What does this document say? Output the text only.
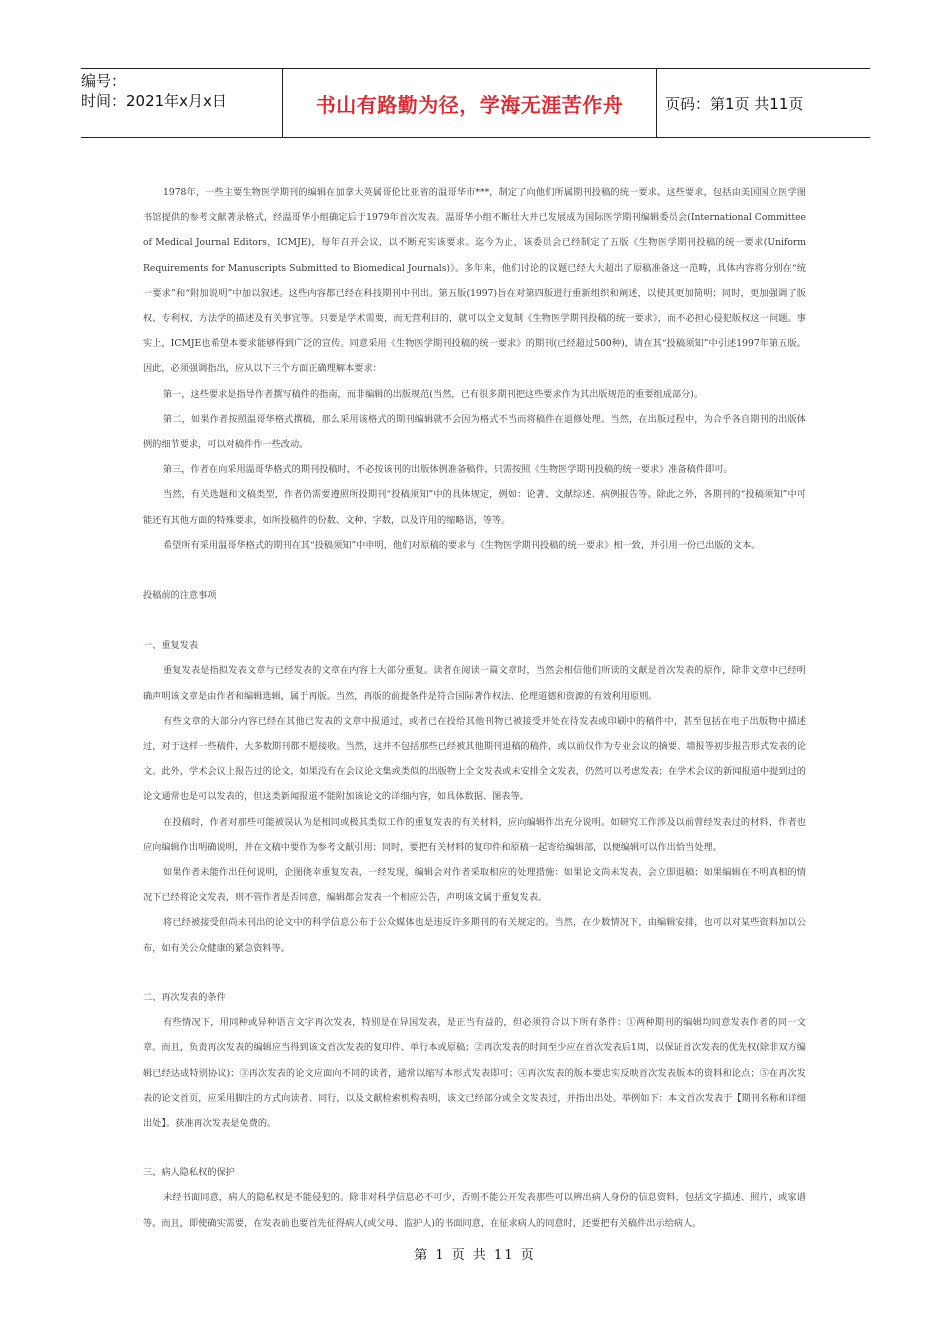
编号：
时间：2021年x月x日	书山有路勤为径，学海无涯苦作舟	页码：第1页 共11页

1978年，一些主要生物医学期刊的编辑在加拿大英属哥伦比亚省的温哥华市***，制定了向他们所属期刊投稿的统一要求。这些要求，包括由美国国立医学图书馆提供的参考文献著录格式，经温哥华小组确定后于1979年首次发表。温哥华小组不断壮大并已发展成为国际医学期刊编辑委员会(International Committee of Medical Journal Editors，ICMJE)，每年召开会议，以不断充实该要求。迄今为止，该委员会已经制定了五版《生物医学期刊投稿的统一要求(Uniform Requirements for Manuscripts Submitted to Biomedical Journals)》。多年来，他们讨论的议题已经大大超出了原稿准备这一范畴，具体内容将分别在“统一要求”和“附加说明”中加以叙述。这些内容都已经在科技期刊中刊出。第五版(1997)旨在对第四版进行重新组织和阐述，以使其更加简明；同时，更加强调了版权、专利权、方法学的描述及有关事宜等。只要是学术需要，而无营利目的，就可以全文复制《生物医学期刊投稿的统一要求》，而不必担心侵犯版权这一问题。事实上，ICMJE也希望本要求能够得到广泛的宣传。同意采用《生物医学期刊投稿的统一要求》的期刊(已经超过500种)，请在其“投稿须知”中引述1997年第五版。因此，必须强调指出，应从以下三个方面正确理解本要求：

第一，这些要求是指导作者撰写稿件的指南，而非编辑的出版规范(当然，已有很多期刊把这些要求作为其出版规范的重要组成部分)。

第二，如果作者按照温哥华格式撰稿，那么采用该格式的期刊编辑就不会因为格式不当而将稿件在退修处理。当然，在出版过程中，为合乎各自期刊的出版体例的细节要求，可以对稿件作一些改动。

第三，作者在向采用温哥华格式的期刊投稿时，不必按该刊的出版体例准备稿件，只需按照《生物医学期刊投稿的统一要求》准备稿件即可。

当然，有关选题和文稿类型，作者仍需要遵照所投期刊“投稿须知”中的具体规定，例如：论著、文献综述、病例报告等。除此之外，各期刊的“投稿须知”中可能还有其他方面的特殊要求，如所投稿件的份数、文种、字数，以及许用的缩略语，等等。

希望所有采用温哥华格式的期刊在其“投稿须知”中申明，他们对原稿的要求与《生物医学期刊投稿的统一要求》相一致，并引用一份已出版的文本。

投稿前的注意事项
一、重复发表

重复发表是指拟发表文章与已经发表的文章在内容上大部分重复。读者在阅读一篇文章时，当然会相信他们所读的文献是首次发表的原作，除非文章中已经明确声明该文章是由作者和编辑选辑，属于再版。当然，再版的前提条件是符合国际著作权法、伦理道德和资源的有效利用原则。

有些文章的大部分内容已经在其他已发表的文章中报道过，或者已在投给其他刊物已被接受并处在待发表或印刷中的稿件中，甚至包括在电子出版物中描述过，对于这样一些稿件，大多数期刊都不愿接收。当然，这并不包括那些已经被其他期刊退稿的稿件，或以前仅作为专业会议的摘要、墙报等初步报告形式发表的论文。此外，学术会议上报告过的论文，如果没有在会议论文集或类似的出版物上全文发表或未安排全文发表，仍然可以考虑发表；在学术会议的新闻报道中提到过的论文通常也是可以发表的，但这类新闻报道不能附加该论文的详细内容，如具体数据、图表等。

在投稿时，作者对那些可能被误认为是相同或极其类似工作的重复发表的有关材料，应向编辑作出充分说明。如研究工作涉及以前曾经发表过的材料，作者也应向编辑作出明确说明，并在文稿中要作为参考文献引用；同时，要把有关材料的复印件和原稿一起寄给编辑部，以便编辑可以作出恰当处理。

如果作者未能作出任何说明，企图侥幸重复发表，一经发现，编辑会对作者采取相应的处理措施：如果论文尚未发表，会立即退稿；如果编辑在不明真相的情况下已经将论文发表，则不管作者是否同意，编辑都会发表一个相应公告，声明该文属于重复发表。

将已经被接受但尚未刊出的论文中的科学信息公布于公众媒体也是违反许多期刊的有关规定的。当然，在少数情况下，由编辑安排，也可以对某些资料加以公布，如有关公众健康的紧急资料等。

二、再次发表的条件

有些情况下，用同种或异种语言文字再次发表，特别是在异国发表，是正当有益的，但必须符合以下所有条件：①两种期刊的编辑均同意发表作者的同一文章。而且，负责再次发表的编辑应当得到该文首次发表的复印件、单行本或原稿；②再次发表的时间至少应在首次发表后1周，以保证首次发表的优先权(除非双方编辑已经达成特别协议)；③再次发表的论文应面向不同的读者，通常以缩写本形式发表即可；④再次发表的版本要忠实反映首次发表版本的资料和论点；⑤在再次发表的论文首页，应采用脚注的方式向读者、同行，以及文献检索机构表明，该文已经部分或全文发表过，并指出出处。举例如下：本文首次发表于【期刊名称和详细出处】。获准再次发表是免费的。

三、病人隐私权的保护

未经书面同意，病人的隐私权是不能侵犯的。除非对科学信息必不可少，否则不能公开发表那些可以辨出病人身份的信息资料，包括文字描述、照片，或家谱等。而且，即使确实需要，在发表前也要首先征得病人(或父母、监护人)的书面同意，在征求病人的同意时，还要把有关稿件出示给病人。

第 1 页 共 11 页
